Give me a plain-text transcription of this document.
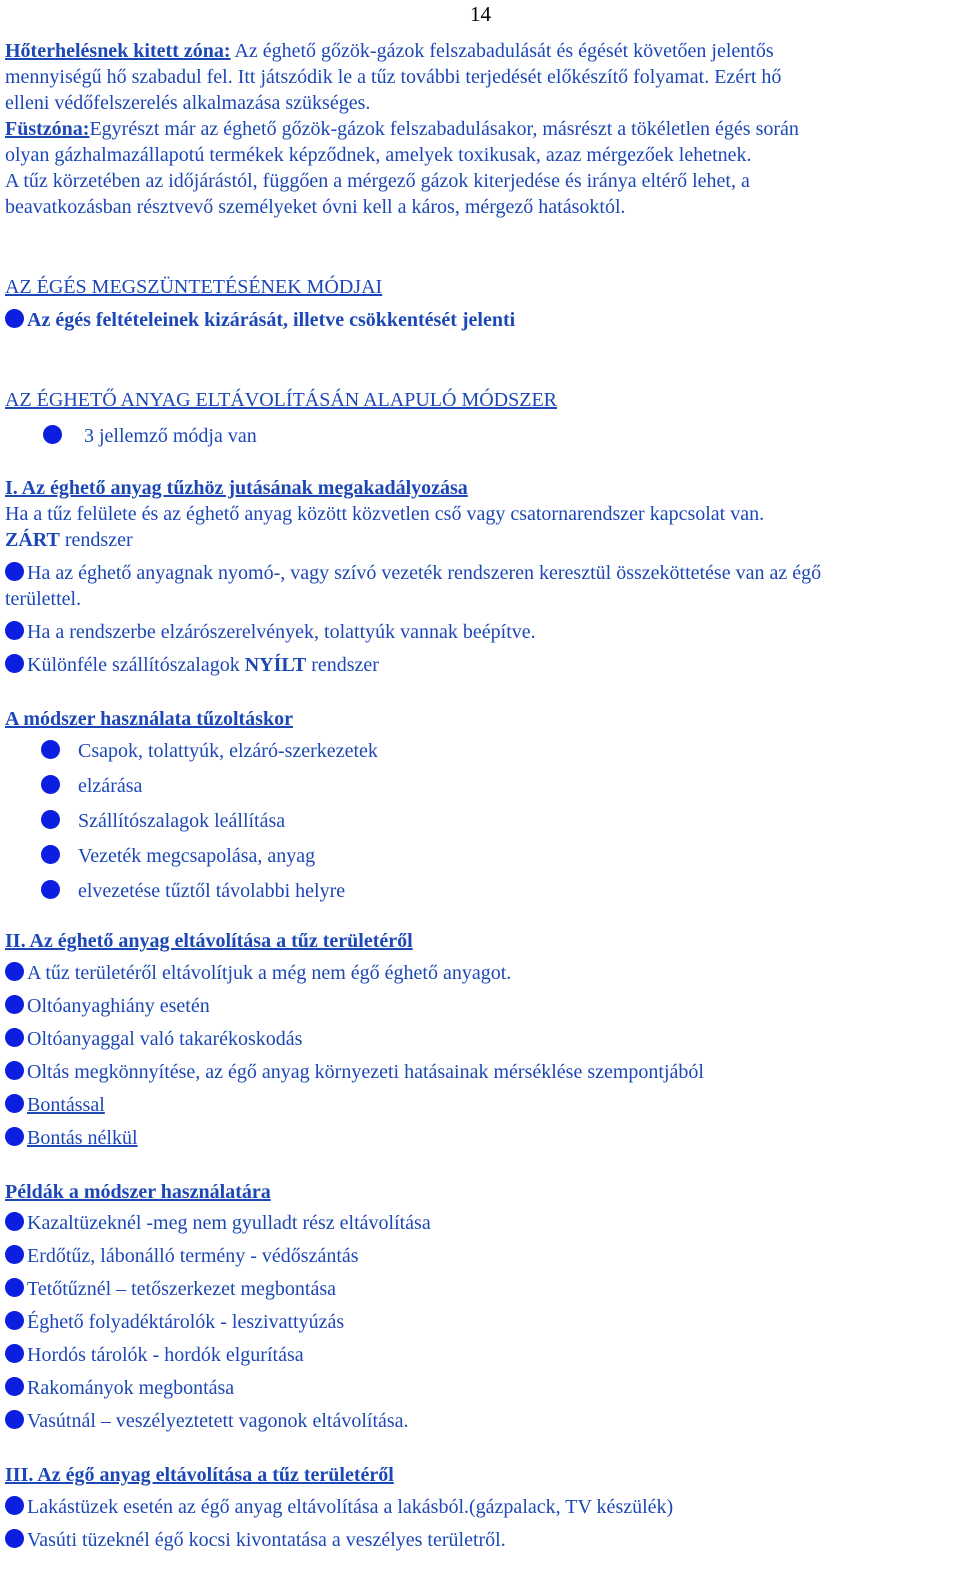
14

Hőterhelésnek kitett zóna: Az éghető gőzök-gázok felszabadulását és égését követően jelentős
mennyiségű hő szabadul fel. Itt játszódik le a tűz további terjedését előkészítő folyamat. Ezért hő
elleni védőfelszerelés alkalmazása szükséges.

Füstzóna:Egyrészt már az éghető gőzök-gázok felszabadulásakor, másrészt a tökéletlen égés során
olyan gázhalmazállapotú termékek képződnek, amelyek toxikusak, azaz mérgezőek lehetnek.

A tűz körzetében az időjárástól, függően a mérgező gázok kiterjedése és iránya eltérő lehet, a
beavatkozásban résztvevő személyeket óvni kell a káros, mérgező hatásoktól.

AZ ÉGÉS MEGSZÜNTETÉSÉNEK MÓDJAI

Az égés feltételeinek kizárását, illetve csökkentését jelenti

AZ ÉGHETŐ ANYAG ELTÁVOLÍTÁSÁN ALAPULÓ MÓDSZER

3 jellemző módja van

I. Az éghető anyag tűzhöz jutásának megakadályozása

Ha a tűz felülete és az éghető anyag között közvetlen cső vagy csatornarendszer kapcsolat van.

ZÁRT rendszer

Ha az éghető anyagnak nyomó-, vagy szívó vezeték rendszeren keresztül összeköttetése van az égő
területtel.

Ha a rendszerbe elzárószerelvények, tolattyúk vannak beépítve.

Különféle szállítószalagok NYÍLT rendszer

A módszer használata tűzoltáskor

Csapok, tolattyúk, elzáró-szerkezetek

elzárása

Szállítószalagok leállítása

Vezeték megcsapolása, anyag

elvezetése tűztől távolabbi helyre

II. Az éghető anyag eltávolítása a tűz területéről

A tűz területéről eltávolítjuk a még nem égő éghető anyagot.

Oltóanyaghiány esetén

Oltóanyaggal való takarékoskodás

Oltás megkönnyítése, az égő anyag környezeti hatásainak mérséklése szempontjából

Bontással

Bontás nélkül

Példák a módszer használatára

Kazaltüzeknél -meg nem gyulladt rész eltávolítása

Erdőtűz, lábonálló termény - védőszántás

Tetőtűznél – tetőszerkezet megbontása

Éghető folyadéktárolók - leszivattyúzás

Hordós tárolók - hordók elgurítása

Rakományok megbontása

Vasútnál – veszélyeztetett vagonok eltávolítása.

III. Az égő anyag eltávolítása a tűz területéről

Lakástüzek esetén az égő anyag eltávolítása a lakásból.(gázpalack, TV készülék)

Vasúti tüzeknél égő kocsi kivontatása a veszélyes területről.
